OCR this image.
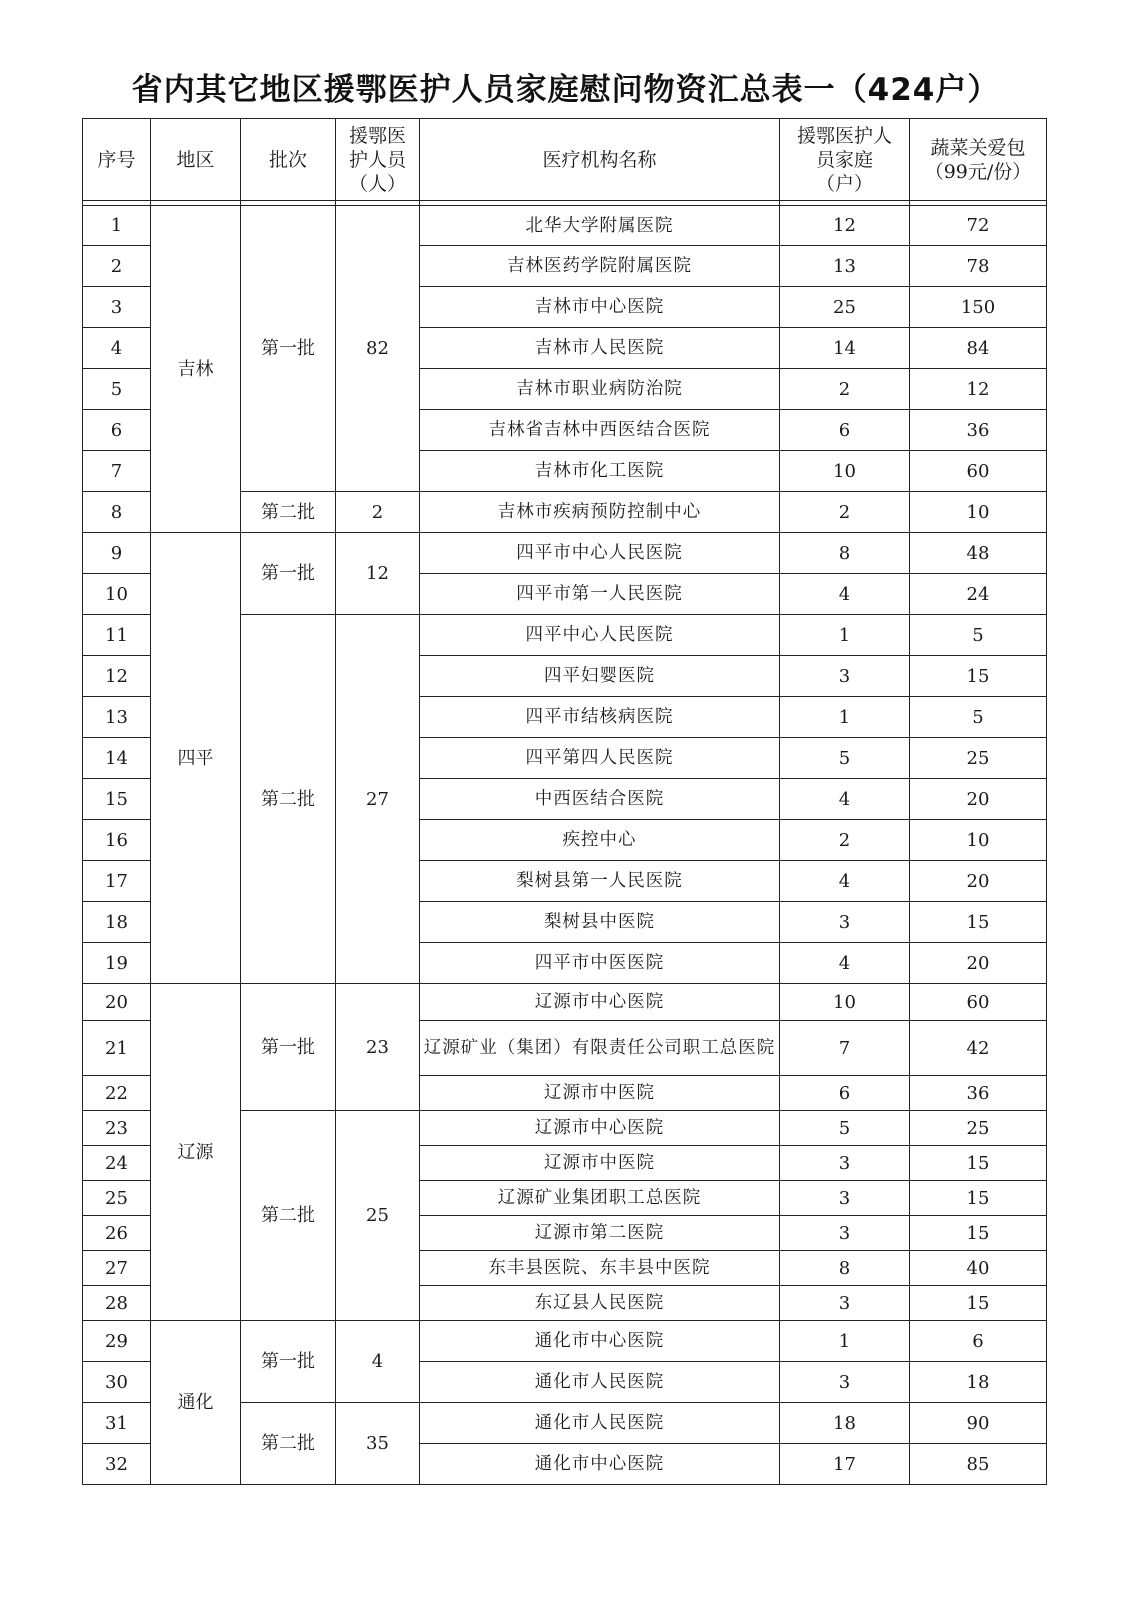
省内其它地区援鄂医护人员家庭慰问物资汇总表一（424户）
序号	地区	批次	援鄂医护人员（人）	医疗机构名称	援鄂医护人员家庭（户）	蔬菜关爱包（99元/份）

1	吉林	第一批	82	北华大学附属医院	12	72
2				吉林医药学院附属医院	13	78
3				吉林市中心医院	25	150
4				吉林市人民医院	14	84
5				吉林市职业病防治院	2	12
6				吉林省吉林中西医结合医院	6	36
7				吉林市化工医院	10	60
8		第二批	2	吉林市疾病预防控制中心	2	10
9	四平	第一批	12	四平市中心人民医院	8	48
10				四平市第一人民医院	4	24
11		第二批	27	四平中心人民医院	1	5
12				四平妇婴医院	3	15
13				四平市结核病医院	1	5
14				四平第四人民医院	5	25
15				中西医结合医院	4	20
16				疾控中心	2	10
17				梨树县第一人民医院	4	20
18				梨树县中医院	3	15
19				四平市中医医院	4	20
20	辽源	第一批	23	辽源市中心医院	10	60
21				辽源矿业（集团）有限责任公司职工总医院	7	42
22				辽源市中医院	6	36
23		第二批	25	辽源市中心医院	5	25
24				辽源市中医院	3	15
25				辽源矿业集团职工总医院	3	15
26				辽源市第二医院	3	15
27				东丰县医院、东丰县中医院	8	40
28				东辽县人民医院	3	15
29	通化	第一批	4	通化市中心医院	1	6
30				通化市人民医院	3	18
31		第二批	35	通化市人民医院	18	90
32				通化市中心医院	17	85
